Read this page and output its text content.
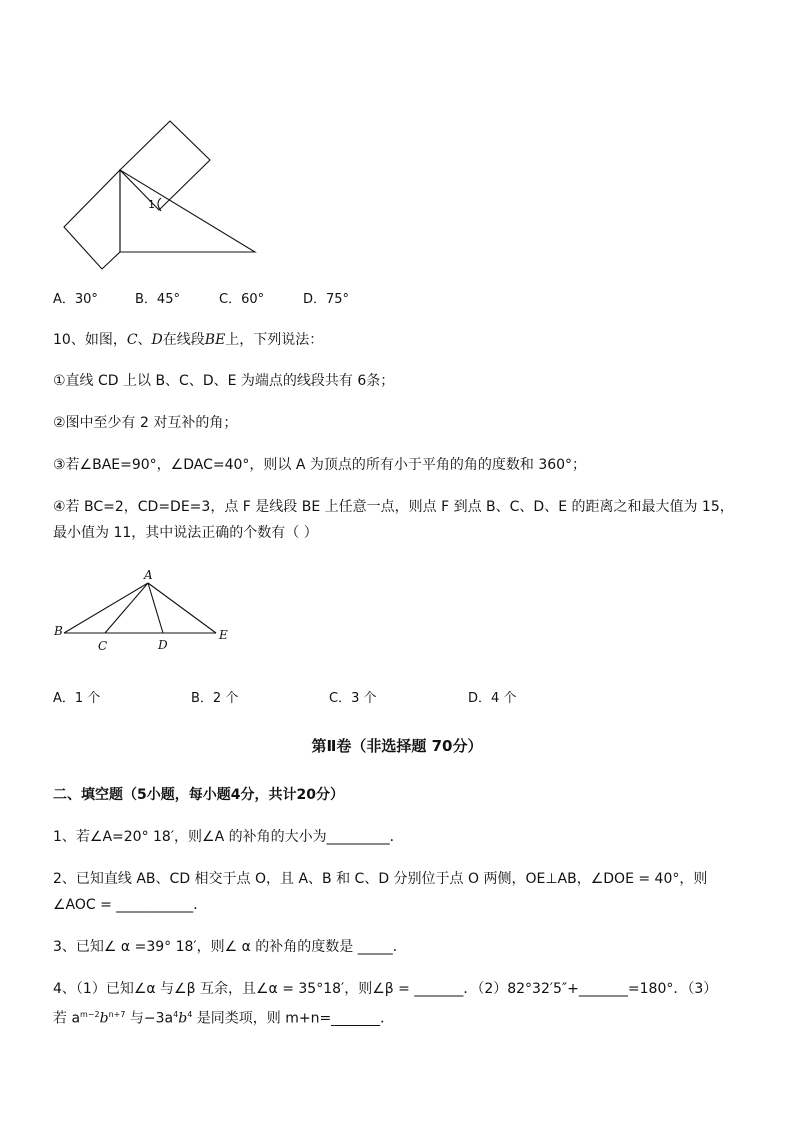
1
A．30°	B．45°	C．60°	D．75°
10、如图，C、D在线段BE上，下列说法：
①直线 CD 上以 B、C、D、E 为端点的线段共有 6条；
②图中至少有 2 对互补的角；
③若∠BAE=90°，∠DAC=40°，则以 A 为顶点的所有小于平角的角的度数和 360°；
④若 BC=2，CD=DE=3，点 F 是线段 BE 上任意一点，则点 F 到点 B、C、D、E 的距离之和最大值为 15，
最小值为 11，其中说法正确的个数有（ ）
A
B
C	D
E
A．1 个	B．2 个	C．3 个	D．4 个
第Ⅱ卷（非选择题 70分）
二、填空题（5小题，每小题4分，共计20分）
1、若∠A=20° 18′，则∠A 的补角的大小为_________．
2、已知直线 AB、CD 相交于点 O，且 A、B 和 C、D 分别位于点 O 两侧，OE⊥AB，∠DOE = 40°，则
∠AOC = ___________．
3、已知∠ α =39° 18′，则∠ α 的补角的度数是 _____．
4、（1）已知∠α 与∠β 互余，且∠α = 35°18′，则∠β = _______．（2）82°32′5″+_______=180°．（3）
若 $a^{m-2}b^{n+7}$ 与$-3a^4b^4$ 是同类项，则 m+n=_______．
